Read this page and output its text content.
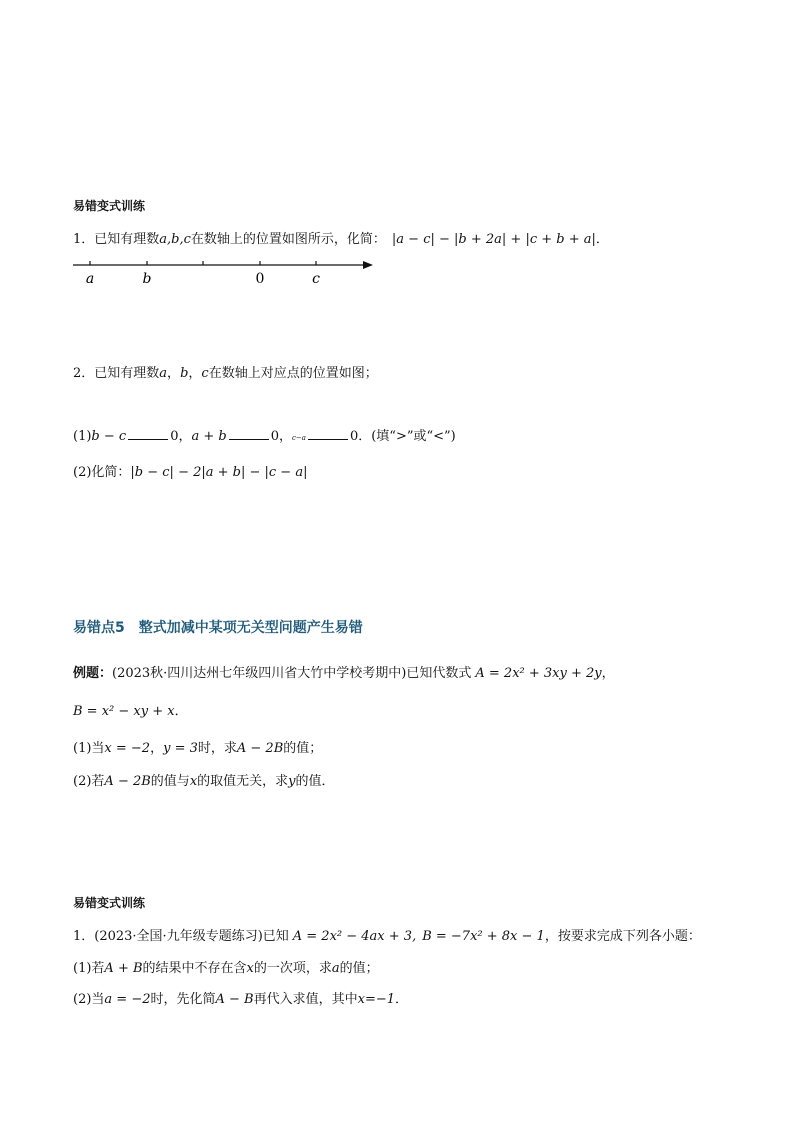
易错变式训练
1．已知有理数a,b,c在数轴上的位置如图所示，化简： |a − c| − |b + 2a| + |c + b + a|．
a	b	0	c
2．已知有理数a，b，c在数轴上对应点的位置如图；
(1)b − c	0，a + b	0，c−a	0．(填“>”或“<”)
(2)化简：|b − c| − 2|a + b| − |c − a|
易错点5　整式加减中某项无关型问题产生易错
例题：(2023秋·四川达州七年级四川省大竹中学校考期中)已知代数式 A = 2x² + 3xy + 2y，
B = x² − xy + x．
(1)当x = −2，y = 3时，求A − 2B的值；
(2)若A − 2B的值与x的取值无关，求y的值．
易错变式训练
1．(2023·全国·九年级专题练习)已知 A = 2x² − 4ax + 3, B = −7x² + 8x − 1，按要求完成下列各小题：
(1)若A + B的结果中不存在含x的一次项，求a的值；
(2)当a = −2时，先化简A − B再代入求值，其中x=−1．
